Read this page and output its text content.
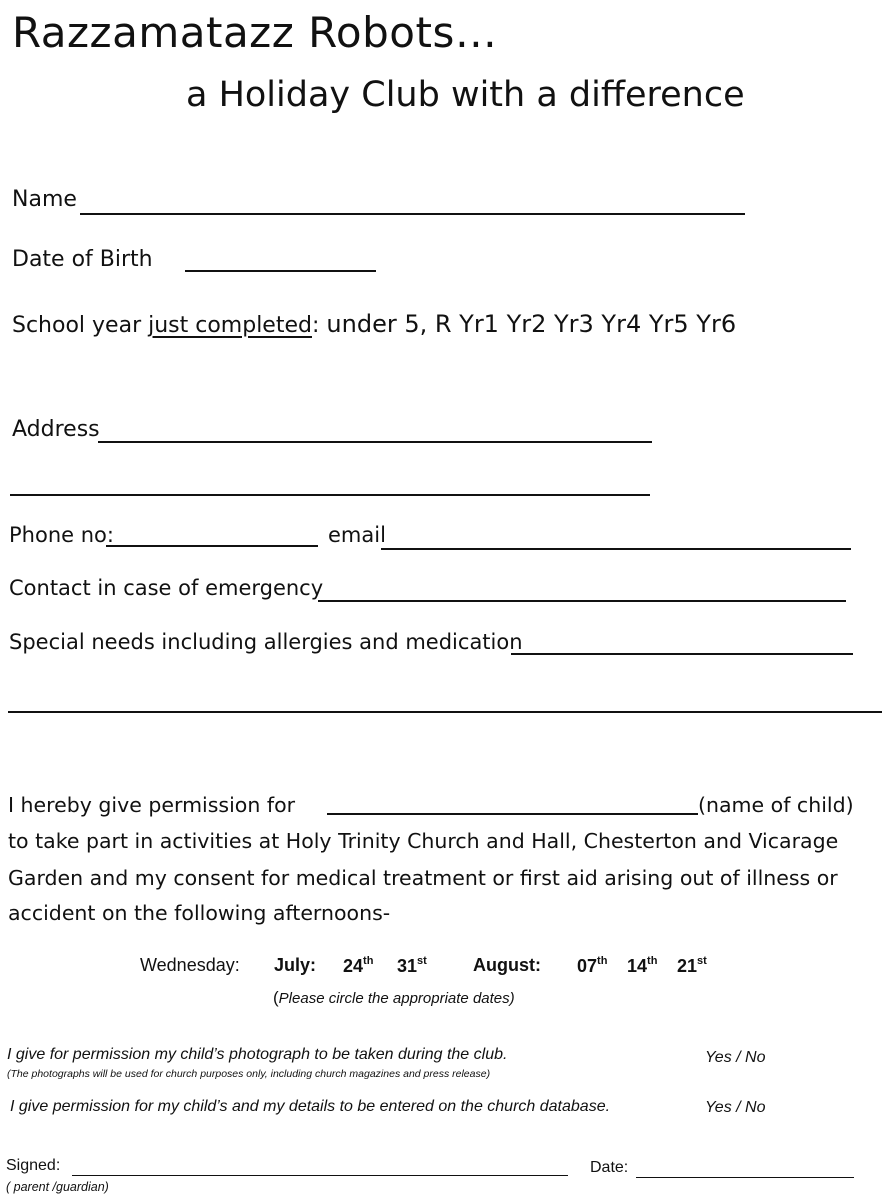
Razzamatazz Robots…
a Holiday Club with a difference
Name
Date of Birth
School year just completed: under 5, R Yr1 Yr2 Yr3 Yr4 Yr5 Yr6
Address
Phone no:	email
Contact in case of emergency
Special needs including allergies and medication
I hereby give permission for	(name of child)
to take part in activities at Holy Trinity Church and Hall, Chesterton and Vicarage
Garden and my consent for medical treatment or first aid arising out of illness or
accident on the following afternoons-
Wednesday: July: 24th 31st	August: 07th 14th 21st
(Please circle the appropriate dates)
I give for permission my child’s photograph to be taken during the club.	Yes / No
(The photographs will be used for church purposes only, including church magazines and press release)
I give permission for my child’s and my details to be entered on the church database.	Yes / No
Signed:
( parent /guardian)
Date:
